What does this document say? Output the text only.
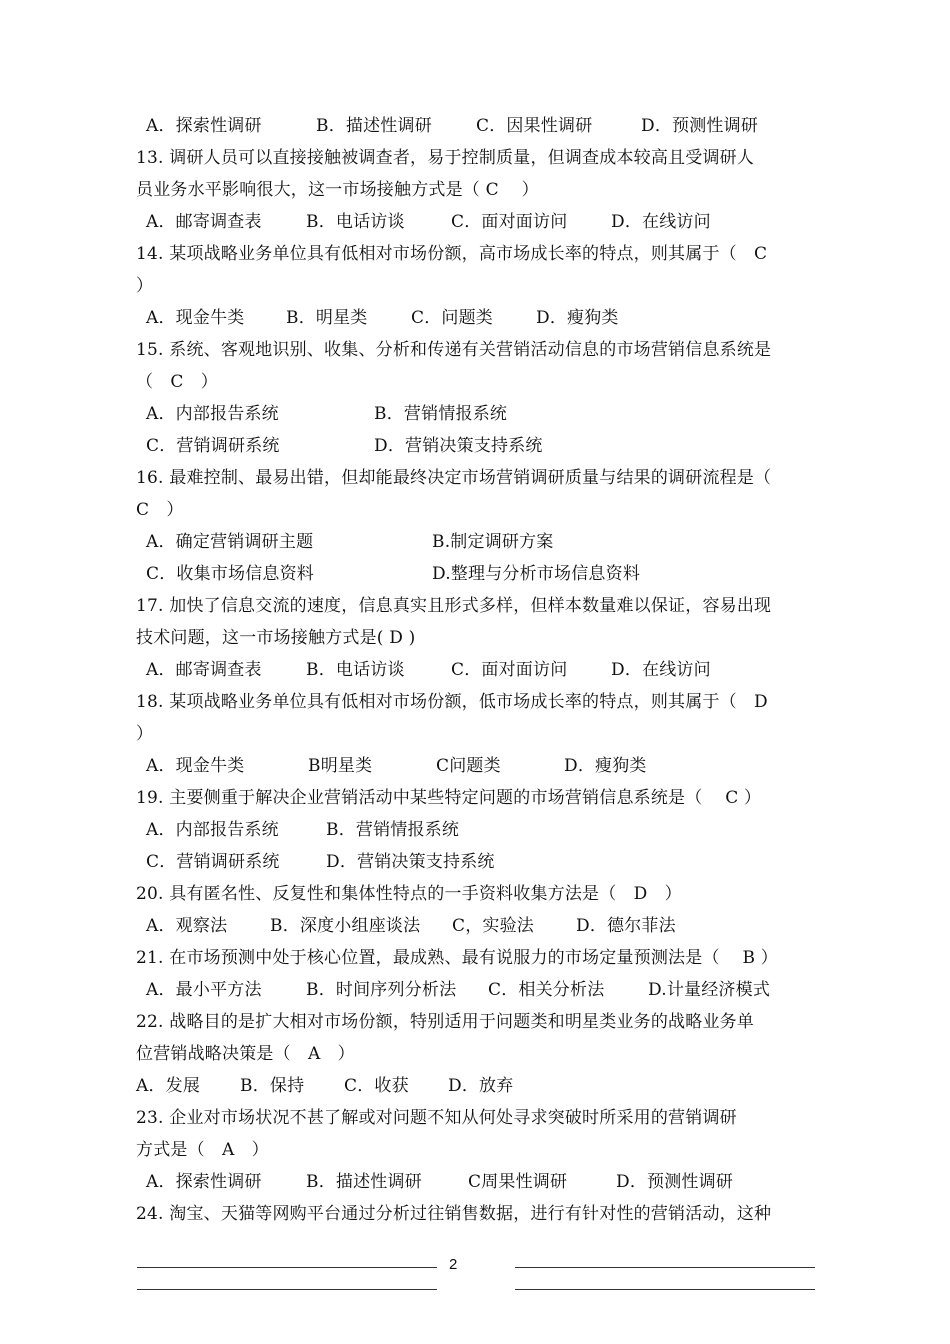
A．探索性调研	B．描述性调研	C．因果性调研	D．预测性调研
13. 调研人员可以直接接触被调查者，易于控制质量，但调查成本较高且受调研人
员业务水平影响很大，这一市场接触方式是（ C　 ）
A．邮寄调查表	B．电话访谈	C．面对面访问	D．在线访问
14. 某项战略业务单位具有低相对市场份额，高市场成长率的特点，则其属于（　C
）
A．现金牛类 B．明星类	C．问题类	D．瘦狗类
15. 系统、客观地识别、收集、分析和传递有关营销活动信息的市场营销信息系统是
（　C　）
A．内部报告系统	B．营销情报系统
C．营销调研系统	D．营销决策支持系统
16. 最难控制、最易出错，但却能最终决定市场营销调研质量与结果的调研流程是（
C　）
A．确定营销调研主题	B.制定调研方案
C．收集市场信息资料	D.整理与分析市场信息资料
17. 加快了信息交流的速度，信息真实且形式多样，但样本数量难以保证，容易出现
技术问题，这一市场接触方式是( D )
A．邮寄调查表	B．电话访谈	C．面对面访问	D．在线访问
18. 某项战略业务单位具有低相对市场份额，低市场成长率的特点，则其属于（　D
）
A．现金牛类	B明星类	C问题类	D．瘦狗类
19. 主要侧重于解决企业营销活动中某些特定问题的市场营销信息系统是（　 C ）
A．内部报告系统	B．营销情报系统
C．营销调研系统	D．营销决策支持系统
20. 具有匿名性、反复性和集体性特点的一手资料收集方法是（　D　）
A．观察法	B．深度小组座谈法 C，实验法 D．德尔菲法
21. 在市场预测中处于核心位置，最成熟、最有说服力的市场定量预测法是（　 B ）
A．最小平方法	B．时间序列分析法 C．相关分析法	D.计量经济模式
22. 战略目的是扩大相对市场份额，特别适用于问题类和明星类业务的战略业务单
位营销战略决策是（　A　）
A．发展 B．保持 C．收获 D．放弃
23. 企业对市场状况不甚了解或对问题不知从何处寻求突破时所采用的营销调研
方式是（　A　）
A．探索性调研	B．描述性调研	C周果性调研	D．预测性调研
24. 淘宝、天猫等网购平台通过分析过往销售数据，进行有针对性的营销活动，这种
2
